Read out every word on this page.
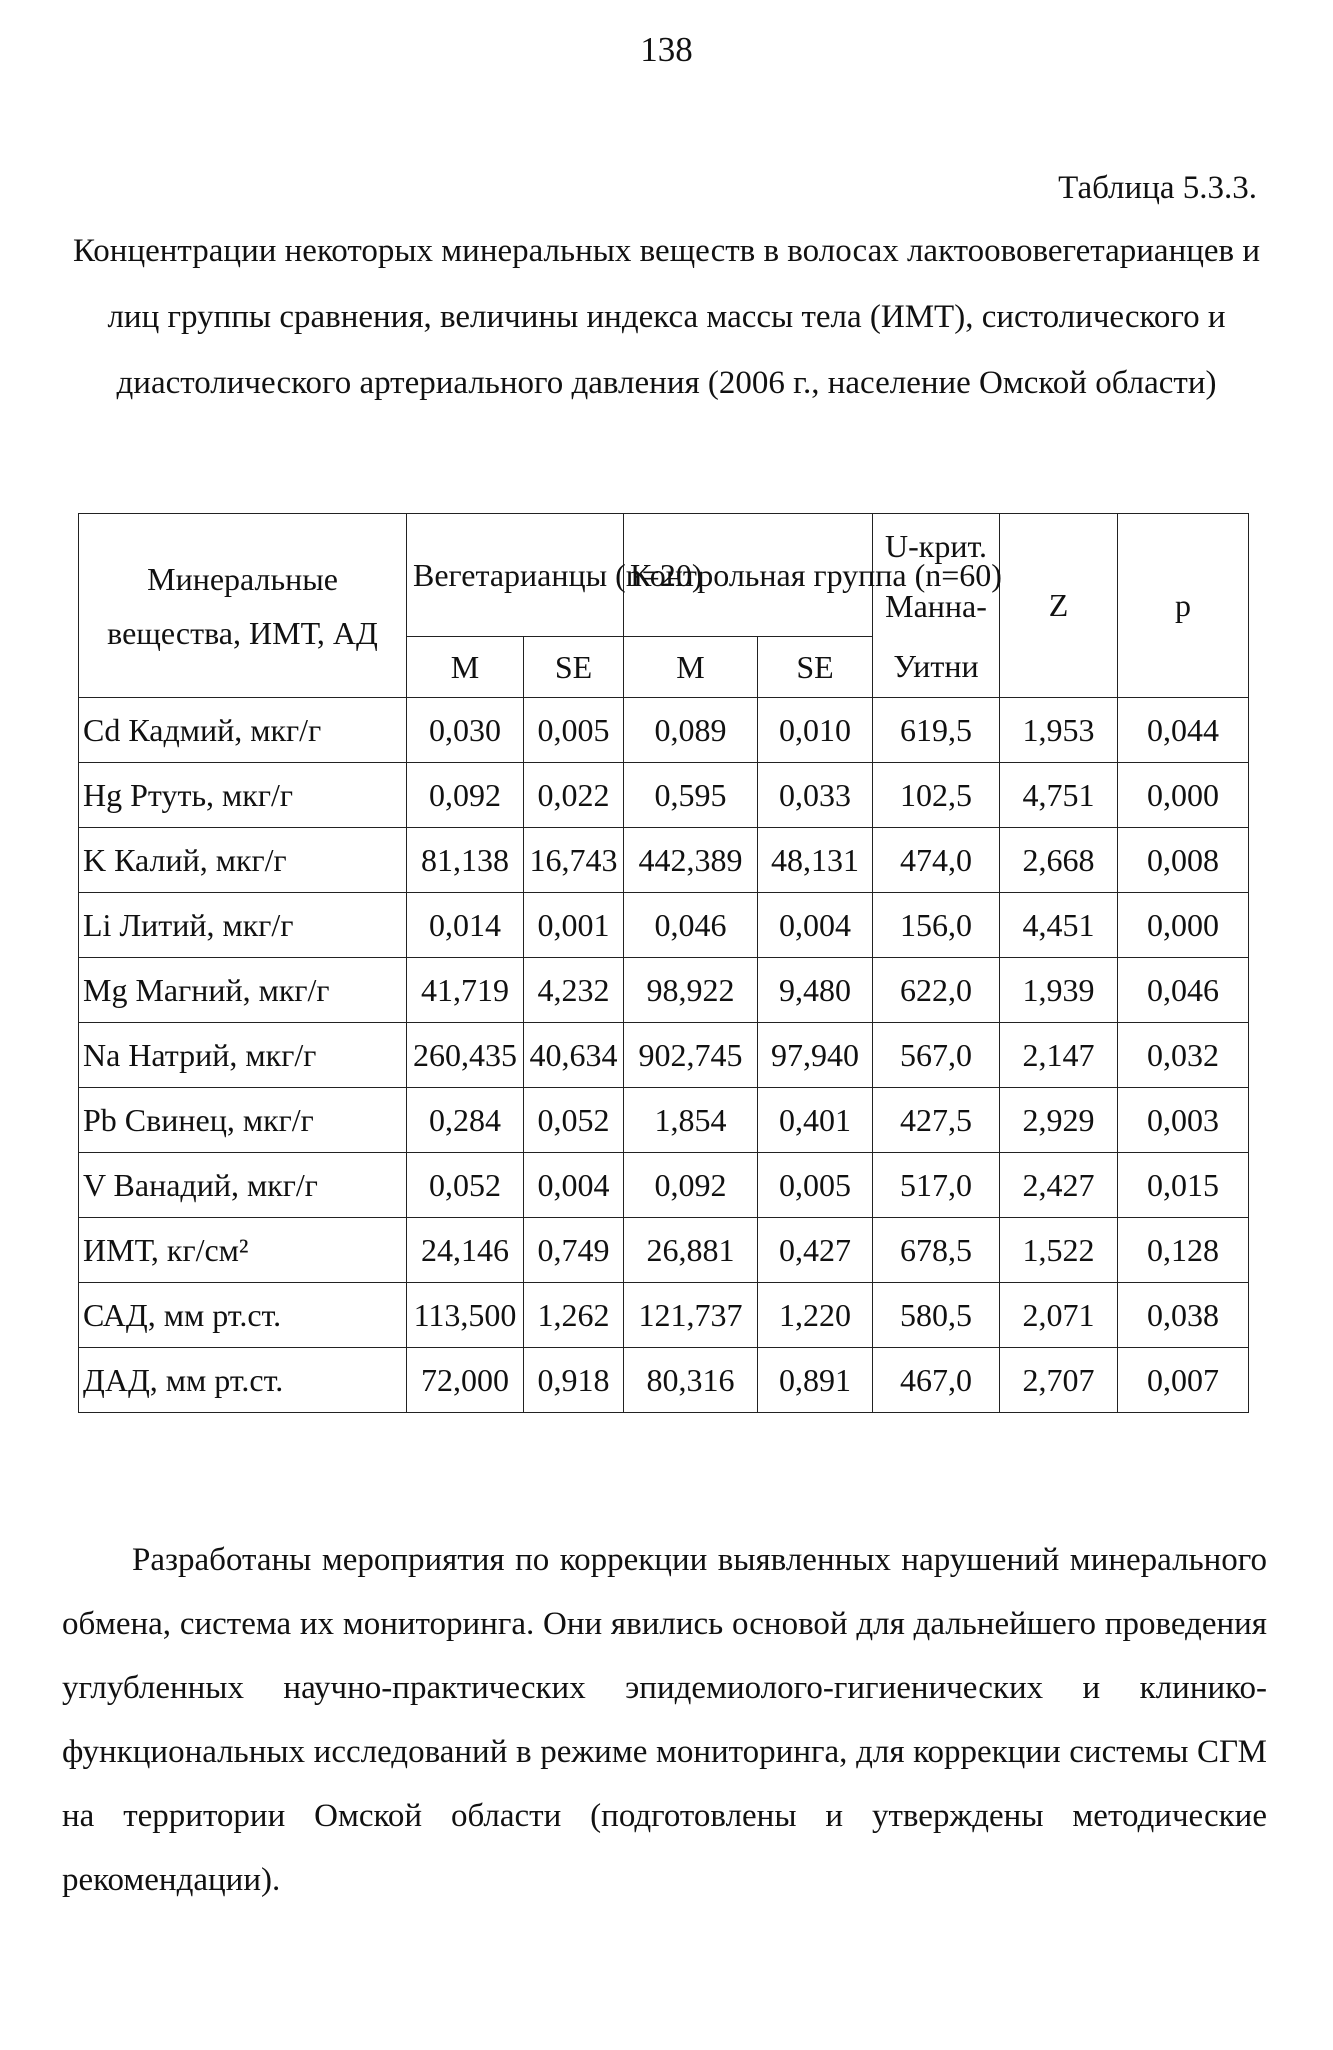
138
Таблица 5.3.3.
Концентрации некоторых минеральных веществ в волосах лактоововегетарианцев и лиц группы сравнения, величины индекса массы тела (ИМТ), систолического и диастолического артериального давления (2006 г., население Омской области)
Минеральные вещества, ИМТ, АД	Вегетарианцы (n=20)		Контрольная группа (n=60)		U-крит. Манна-Уитни	Z	p
	M	SE	M	SE			
Cd Кадмий, мкг/г	0,030	0,005	0,089	0,010	619,5	1,953	0,044
Hg Ртуть, мкг/г	0,092	0,022	0,595	0,033	102,5	4,751	0,000
K Калий, мкг/г	81,138	16,743	442,389	48,131	474,0	2,668	0,008
Li Литий, мкг/г	0,014	0,001	0,046	0,004	156,0	4,451	0,000
Mg Магний, мкг/г	41,719	4,232	98,922	9,480	622,0	1,939	0,046
Na Натрий, мкг/г	260,435	40,634	902,745	97,940	567,0	2,147	0,032
Pb Свинец, мкг/г	0,284	0,052	1,854	0,401	427,5	2,929	0,003
V Ванадий, мкг/г	0,052	0,004	0,092	0,005	517,0	2,427	0,015
ИМТ, кг/см²	24,146	0,749	26,881	0,427	678,5	1,522	0,128
САД, мм рт.ст.	113,500	1,262	121,737	1,220	580,5	2,071	0,038
ДАД, мм рт.ст.	72,000	0,918	80,316	0,891	467,0	2,707	0,007

Разработаны мероприятия по коррекции выявленных нарушений минерального обмена, система их мониторинга. Они явились основой для дальнейшего проведения углубленных научно-практических эпидемиолого-гигиенических и клинико-функциональных исследований в режиме мониторинга, для коррекции системы СГМ на территории Омской области (подготовлены и утверждены методические рекомендации).
